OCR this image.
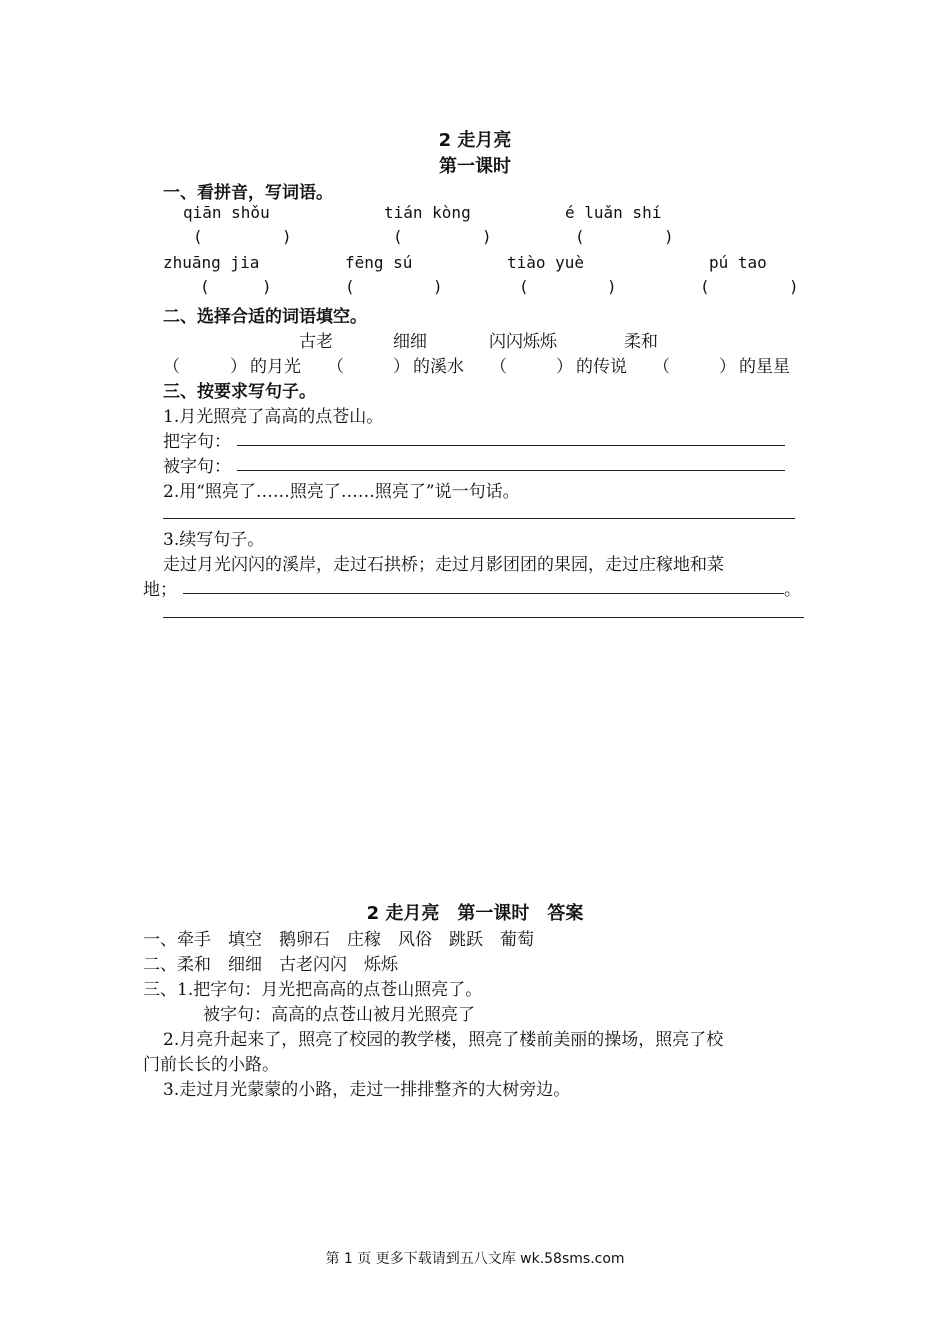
2 走月亮
第一课时
一、看拼音，写词语。
qiān shǒu	tián kòng	é luǎn shí
(	)	(	)	(	)
zhuāng jia	fēng sú	tiào yuè	pú tao
(	)	(	)	(	)	(	)
二、选择合适的词语填空。
古老	细细	闪闪烁烁	柔和
（	） 的月光 （	） 的溪水 （	） 的传说 （	） 的星星
三、按要求写句子。
1.月光照亮了高高的点苍山。
把字句：
被字句：
2.用“照亮了……照亮了……照亮了”说一句话。
3.续写句子。
走过月光闪闪的溪岸，走过石拱桥；走过月影团团的果园，走过庄稼地和菜
地；	。
2 走月亮　第一课时　答案
一、牵手　填空　鹅卵石　庄稼　风俗　跳跃　葡萄
二、柔和　细细　古老闪闪　烁烁
三、1.把字句：月光把高高的点苍山照亮了。
被字句：高高的点苍山被月光照亮了
2.月亮升起来了，照亮了校园的教学楼，照亮了楼前美丽的操场，照亮了校
门前长长的小路。
3.走过月光蒙蒙的小路，走过一排排整齐的大树旁边。
第 1 页 更多下载请到五八文库 wk.58sms.com
